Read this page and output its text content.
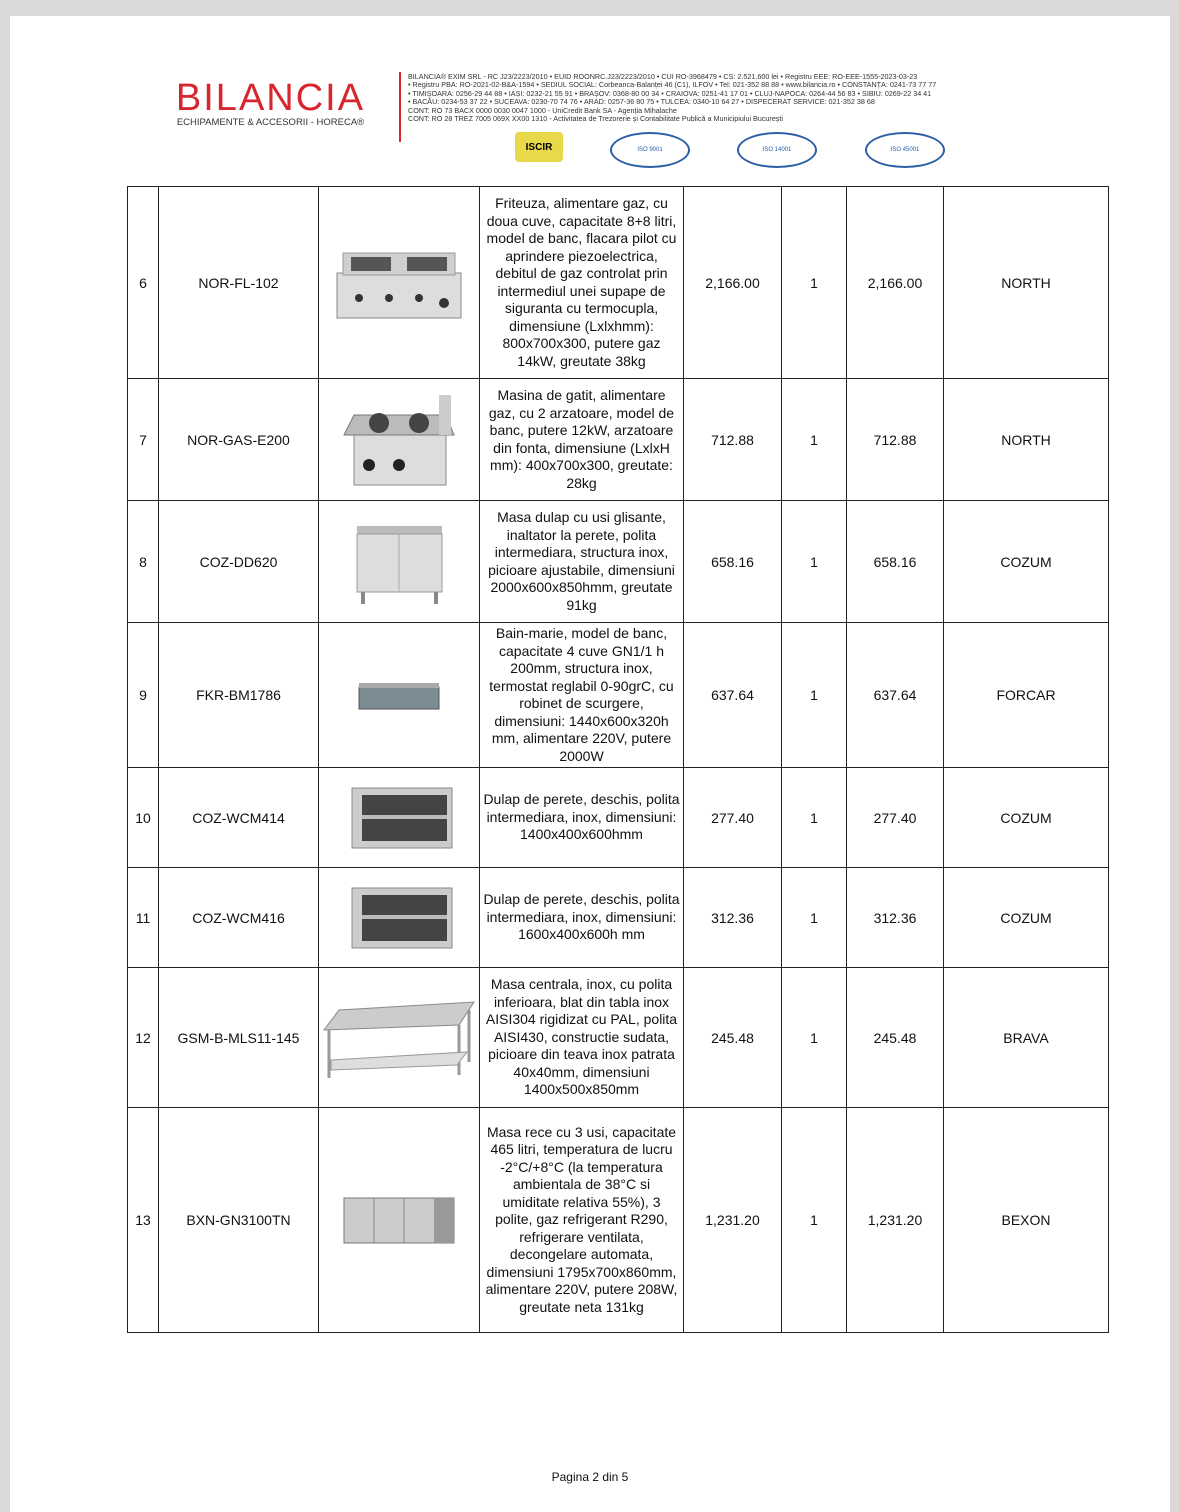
BILANCIA
ECHIPAMENTE & ACCESORII - HORECA®
BILANCIA® EXIM SRL - RC J23/2223/2010 • EUID ROONRC.J23/2223/2010 • CUI RO-3968479 • CS: 2.521.600 lei • Registru EEE: RO-EEE-1555-2023-03-23
• Registru PBA: RO-2021-02-B&A-1594 • SEDIUL SOCIAL: Corbeanca-Balanței 46 (C1), ILFOV • Tel: 021-352 88 88 • www.bilancia.ro • CONSTANȚA: 0241-73 77 77
• TIMIȘOARA: 0256-29 44 88 • IAȘI: 0232-21 55 91 • BRAȘOV: 0368-80 00 34 • CRAIOVA: 0251-41 17 01 • CLUJ-NAPOCA: 0264-44 56 83 • SIBIU: 0269-22 34 41
• BACĂU: 0234-53 37 22 • SUCEAVA: 0230-70 74 76 • ARAD: 0257-36 80 75 • TULCEA: 0340-10 64 27 • DISPECERAT SERVICE: 021-352 38 68
CONT: RO 73 BACX 0000 0030 0047 1000 - UniCredit Bank SA - Agenția Mihalache
CONT: RO 28 TREZ 7005 069X XX00 1310 - Activitatea de Trezorerie și Contabilitate Publică a Municipiului București
ISCIR	ISO 9001	ISO 14001	ISO 45001
6	NOR-FL-102		Friteuza, alimentare gaz, cu doua cuve, capacitate 8+8 litri, model de banc, flacara pilot cu aprindere piezoelectrica, debitul de gaz controlat prin intermediul unei supape de siguranta cu termocupla, dimensiune (Lxlxhmm): 800x700x300, putere gaz 14kW, greutate 38kg	2,166.00	1	2,166.00	NORTH
7	NOR-GAS-E200		Masina de gatit, alimentare gaz, cu 2 arzatoare, model de banc, putere 12kW, arzatoare din fonta, dimensiune (LxlxH mm): 400x700x300, greutate: 28kg	712.88	1	712.88	NORTH
8	COZ-DD620		Masa dulap cu usi glisante, inaltator la perete, polita intermediara, structura inox, picioare ajustabile, dimensiuni 2000x600x850hmm, greutate 91kg	658.16	1	658.16	COZUM
9	FKR-BM1786		Bain-marie, model de banc, capacitate 4 cuve GN1/1 h 200mm, structura inox, termostat reglabil 0-90grC, cu robinet de scurgere, dimensiuni: 1440x600x320h mm, alimentare 220V, putere 2000W	637.64	1	637.64	FORCAR
10	COZ-WCM414		Dulap de perete, deschis, polita intermediara, inox, dimensiuni: 1400x400x600hmm	277.40	1	277.40	COZUM
11	COZ-WCM416		Dulap de perete, deschis, polita intermediara, inox, dimensiuni: 1600x400x600h mm	312.36	1	312.36	COZUM
12	GSM-B-MLS11-145		Masa centrala, inox, cu polita inferioara, blat din tabla inox AISI304 rigidizat cu PAL, polita AISI430, constructie sudata, picioare din teava inox patrata 40x40mm, dimensiuni 1400x500x850mm	245.48	1	245.48	BRAVA
13	BXN-GN3100TN		Masa rece cu 3 usi, capacitate 465 litri, temperatura de lucru -2°C/+8°C (la temperatura ambientala de 38°C si umiditate relativa 55%), 3 polite, gaz refrigerant R290, refrigerare ventilata, decongelare automata, dimensiuni 1795x700x860mm, alimentare 220V, putere 208W, greutate neta 131kg	1,231.20	1	1,231.20	BEXON
Pagina 2 din 5
